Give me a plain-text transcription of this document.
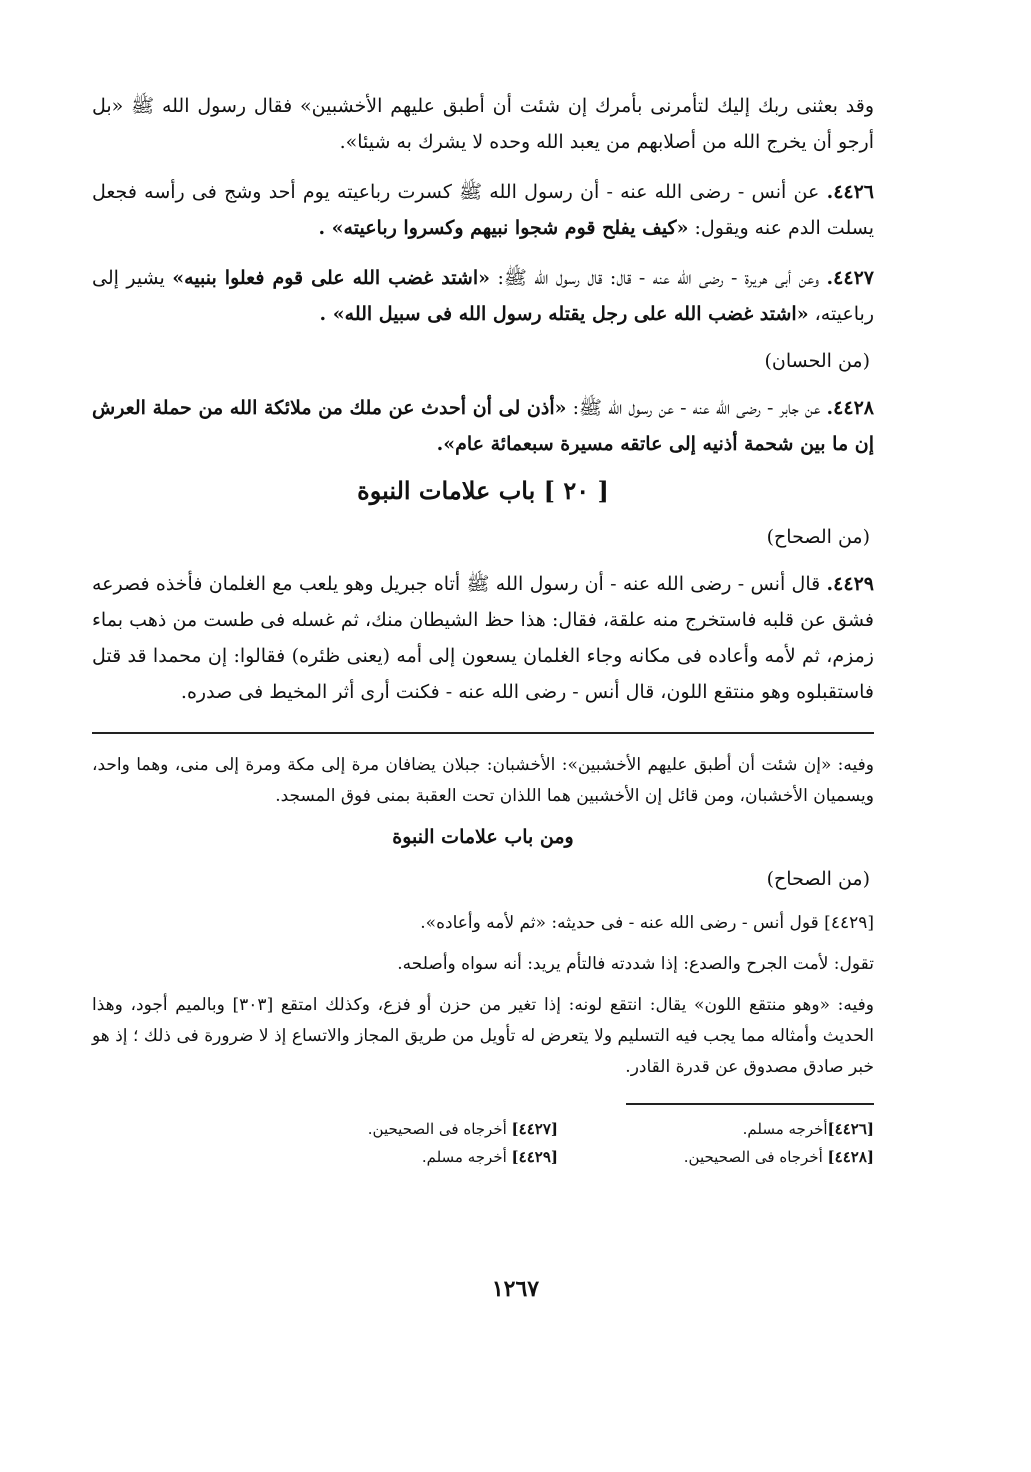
وقد بعثنى ربك إليك لتأمرنى بأمرك إن شئت أن أطبق عليهم الأخشبين» فقال رسول الله ﷺ «بل أرجو أن يخرج الله من أصلابهم من يعبد الله وحده لا يشرك به شيئا».

٤٤٢٦. عن أنس - رضى الله عنه - أن رسول الله ﷺ كسرت رباعيته يوم أحد وشج فى رأسه فجعل يسلت الدم عنه ويقول: «كيف يفلح قوم شجوا نبيهم وكسروا رباعيته» .

٤٤٢٧. وعن أبى هريرة - رضى الله عنه - قال: قال رسول الله ﷺ: «اشتد غضب الله على قوم فعلوا بنبيه» يشير إلى رباعيته، «اشتد غضب الله على رجل يقتله رسول الله فى سبيل الله» .

(من الحسان)

٤٤٢٨. عن جابر - رضى الله عنه - عن رسول الله ﷺ: «أذن لى أن أحدث عن ملك من ملائكة الله من حملة العرش إن ما بين شحمة أذنيه إلى عاتقه مسيرة سبعمائة عام».

[ ٢٠ ] باب علامات النبوة

(من الصحاح)

٤٤٢٩. قال أنس - رضى الله عنه - أن رسول الله ﷺ أتاه جبريل وهو يلعب مع الغلمان فأخذه فصرعه فشق عن قلبه فاستخرج منه علقة، فقال: هذا حظ الشيطان منك، ثم غسله فى طست من ذهب بماء زمزم، ثم لأمه وأعاده فى مكانه وجاء الغلمان يسعون إلى أمه (يعنى ظئره) فقالوا: إن محمدا قد قتل فاستقبلوه وهو منتقع اللون، قال أنس - رضى الله عنه - فكنت أرى أثر المخيط فى صدره.

وفيه: «إن شئت أن أطبق عليهم الأخشبين»: الأخشبان: جبلان يضافان مرة إلى مكة ومرة إلى منى، وهما واحد، ويسميان الأخشبان، ومن قائل إن الأخشبين هما اللذان تحت العقبة بمنى فوق المسجد.

ومن باب علامات النبوة

(من الصحاح)

[٤٤٢٩] قول أنس - رضى الله عنه - فى حديثه: «ثم لأمه وأعاده».

تقول: لأمت الجرح والصدع: إذا شددته فالتأم يريد: أنه سواه وأصلحه.

وفيه: «وهو منتقع اللون» يقال: انتقع لونه: إذا تغير من حزن أو فزع، وكذلك امتقع [٣٠٣] وبالميم أجود، وهذا الحديث وأمثاله مما يجب فيه التسليم ولا يتعرض له تأويل من طريق المجاز والاتساع إذ لا ضرورة فى ذلك ؛ إذ هو خبر صادق مصدوق عن قدرة القادر.

[٤٤٢٦]أخرجه مسلم.
[٤٤٢٨] أخرجاه فى الصحيحين.
[٤٤٢٧] أخرجاه فى الصحيحين.
[٤٤٢٩] أخرجه مسلم.
١٢٦٧
